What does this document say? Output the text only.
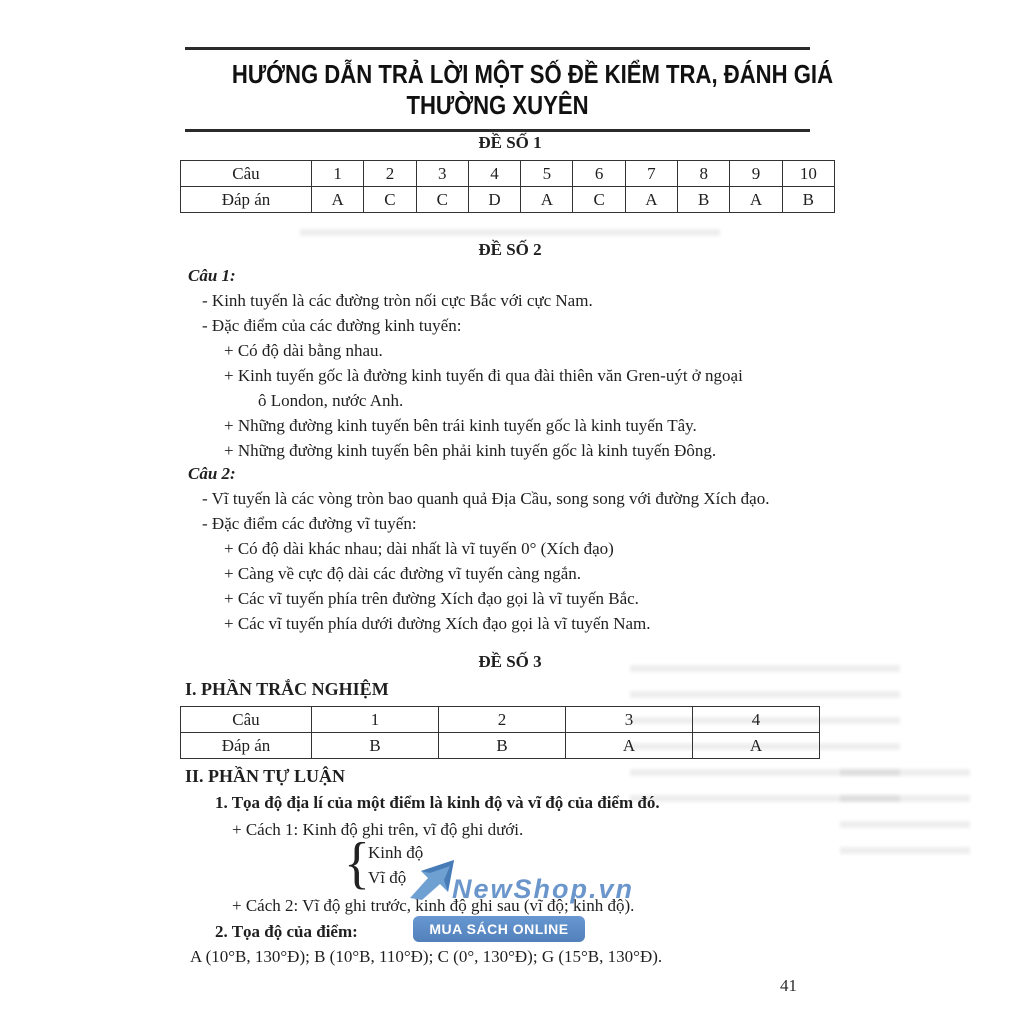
HƯỚNG DẪN TRẢ LỜI MỘT SỐ ĐỀ KIỂM TRA, ĐÁNH GIÁ
THƯỜNG XUYÊN
ĐỀ SỐ 1
Câu	1	2	3	4	5	6	7	8	9	10
Đáp án	A	C	C	D	A	C	A	B	A	B
ĐỀ SỐ 2
Câu 1:
- Kinh tuyến là các đường tròn nối cực Bắc với cực Nam.
- Đặc điểm của các đường kinh tuyến:
+ Có độ dài bằng nhau.
+ Kinh tuyến gốc là đường kinh tuyến đi qua đài thiên văn Gren-uýt ở ngoại
ô London, nước Anh.
+ Những đường kinh tuyến bên trái kinh tuyến gốc là kinh tuyến Tây.
+ Những đường kinh tuyến bên phải kinh tuyến gốc là kinh tuyến Đông.
Câu 2:
- Vĩ tuyến là các vòng tròn bao quanh quả Địa Cầu, song song với đường Xích đạo.
- Đặc điểm các đường vĩ tuyến:
+ Có độ dài khác nhau; dài nhất là vĩ tuyến 0° (Xích đạo)
+ Càng về cực độ dài các đường vĩ tuyến càng ngắn.
+ Các vĩ tuyến phía trên đường Xích đạo gọi là vĩ tuyến Bắc.
+ Các vĩ tuyến phía dưới đường Xích đạo gọi là vĩ tuyến Nam.
ĐỀ SỐ 3
I. PHẦN TRẮC NGHIỆM
Câu	1	2	3	4
Đáp án	B	B	A	A
II. PHẦN TỰ LUẬN
1. Tọa độ địa lí của một điểm là kinh độ và vĩ độ của điểm đó.
+ Cách 1: Kinh độ ghi trên, vĩ độ ghi dưới.
{
Kinh độ
Vĩ độ
+ Cách 2: Vĩ độ ghi trước, kinh độ ghi sau (vĩ độ; kinh độ).
2. Tọa độ của điểm:
A (10°B, 130°Đ); B (10°B, 110°Đ); C (0°, 130°Đ); G (15°B, 130°Đ).
NewShop.vn
MUA SÁCH ONLINE
41
